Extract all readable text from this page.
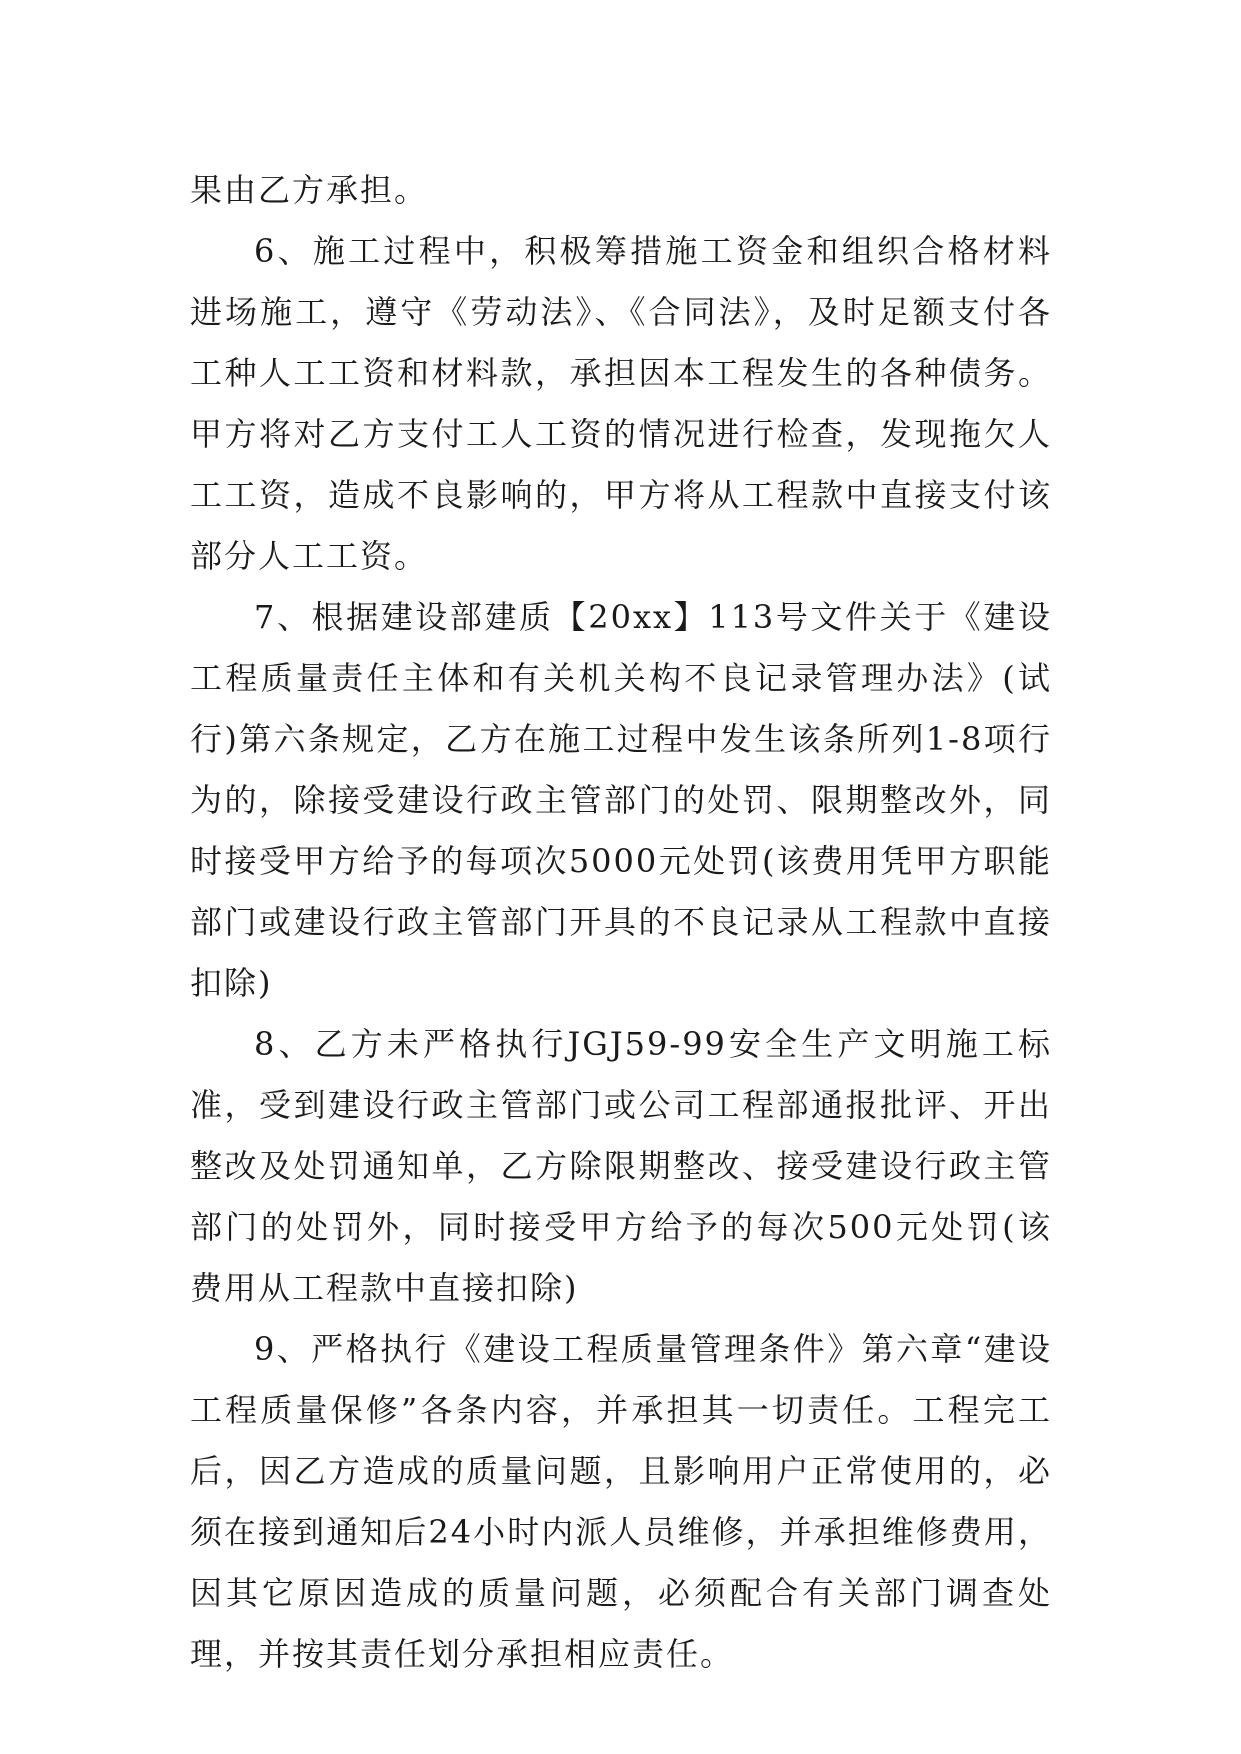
果由乙方承担。

6、施工过程中，积极筹措施工资金和组织合格材料进场施工，遵守《劳动法》、《合同法》，及时足额支付各工种人工工资和材料款，承担因本工程发生的各种债务。甲方将对乙方支付工人工资的情况进行检查，发现拖欠人工工资，造成不良影响的，甲方将从工程款中直接支付该部分人工工资。

7、根据建设部建质【20xx】113号文件关于《建设工程质量责任主体和有关机关构不良记录管理办法》(试行)第六条规定，乙方在施工过程中发生该条所列1-8项行为的，除接受建设行政主管部门的处罚、限期整改外，同时接受甲方给予的每项次5000元处罚(该费用凭甲方职能部门或建设行政主管部门开具的不良记录从工程款中直接扣除)

8、乙方未严格执行JGJ59-99安全生产文明施工标准，受到建设行政主管部门或公司工程部通报批评、开出整改及处罚通知单，乙方除限期整改、接受建设行政主管部门的处罚外，同时接受甲方给予的每次500元处罚(该费用从工程款中直接扣除)

9、严格执行《建设工程质量管理条件》第六章“建设工程质量保修”各条内容，并承担其一切责任。工程完工后，因乙方造成的质量问题，且影响用户正常使用的，必须在接到通知后24小时内派人员维修，并承担维修费用，因其它原因造成的质量问题，必须配合有关部门调查处理，并按其责任划分承担相应责任。
